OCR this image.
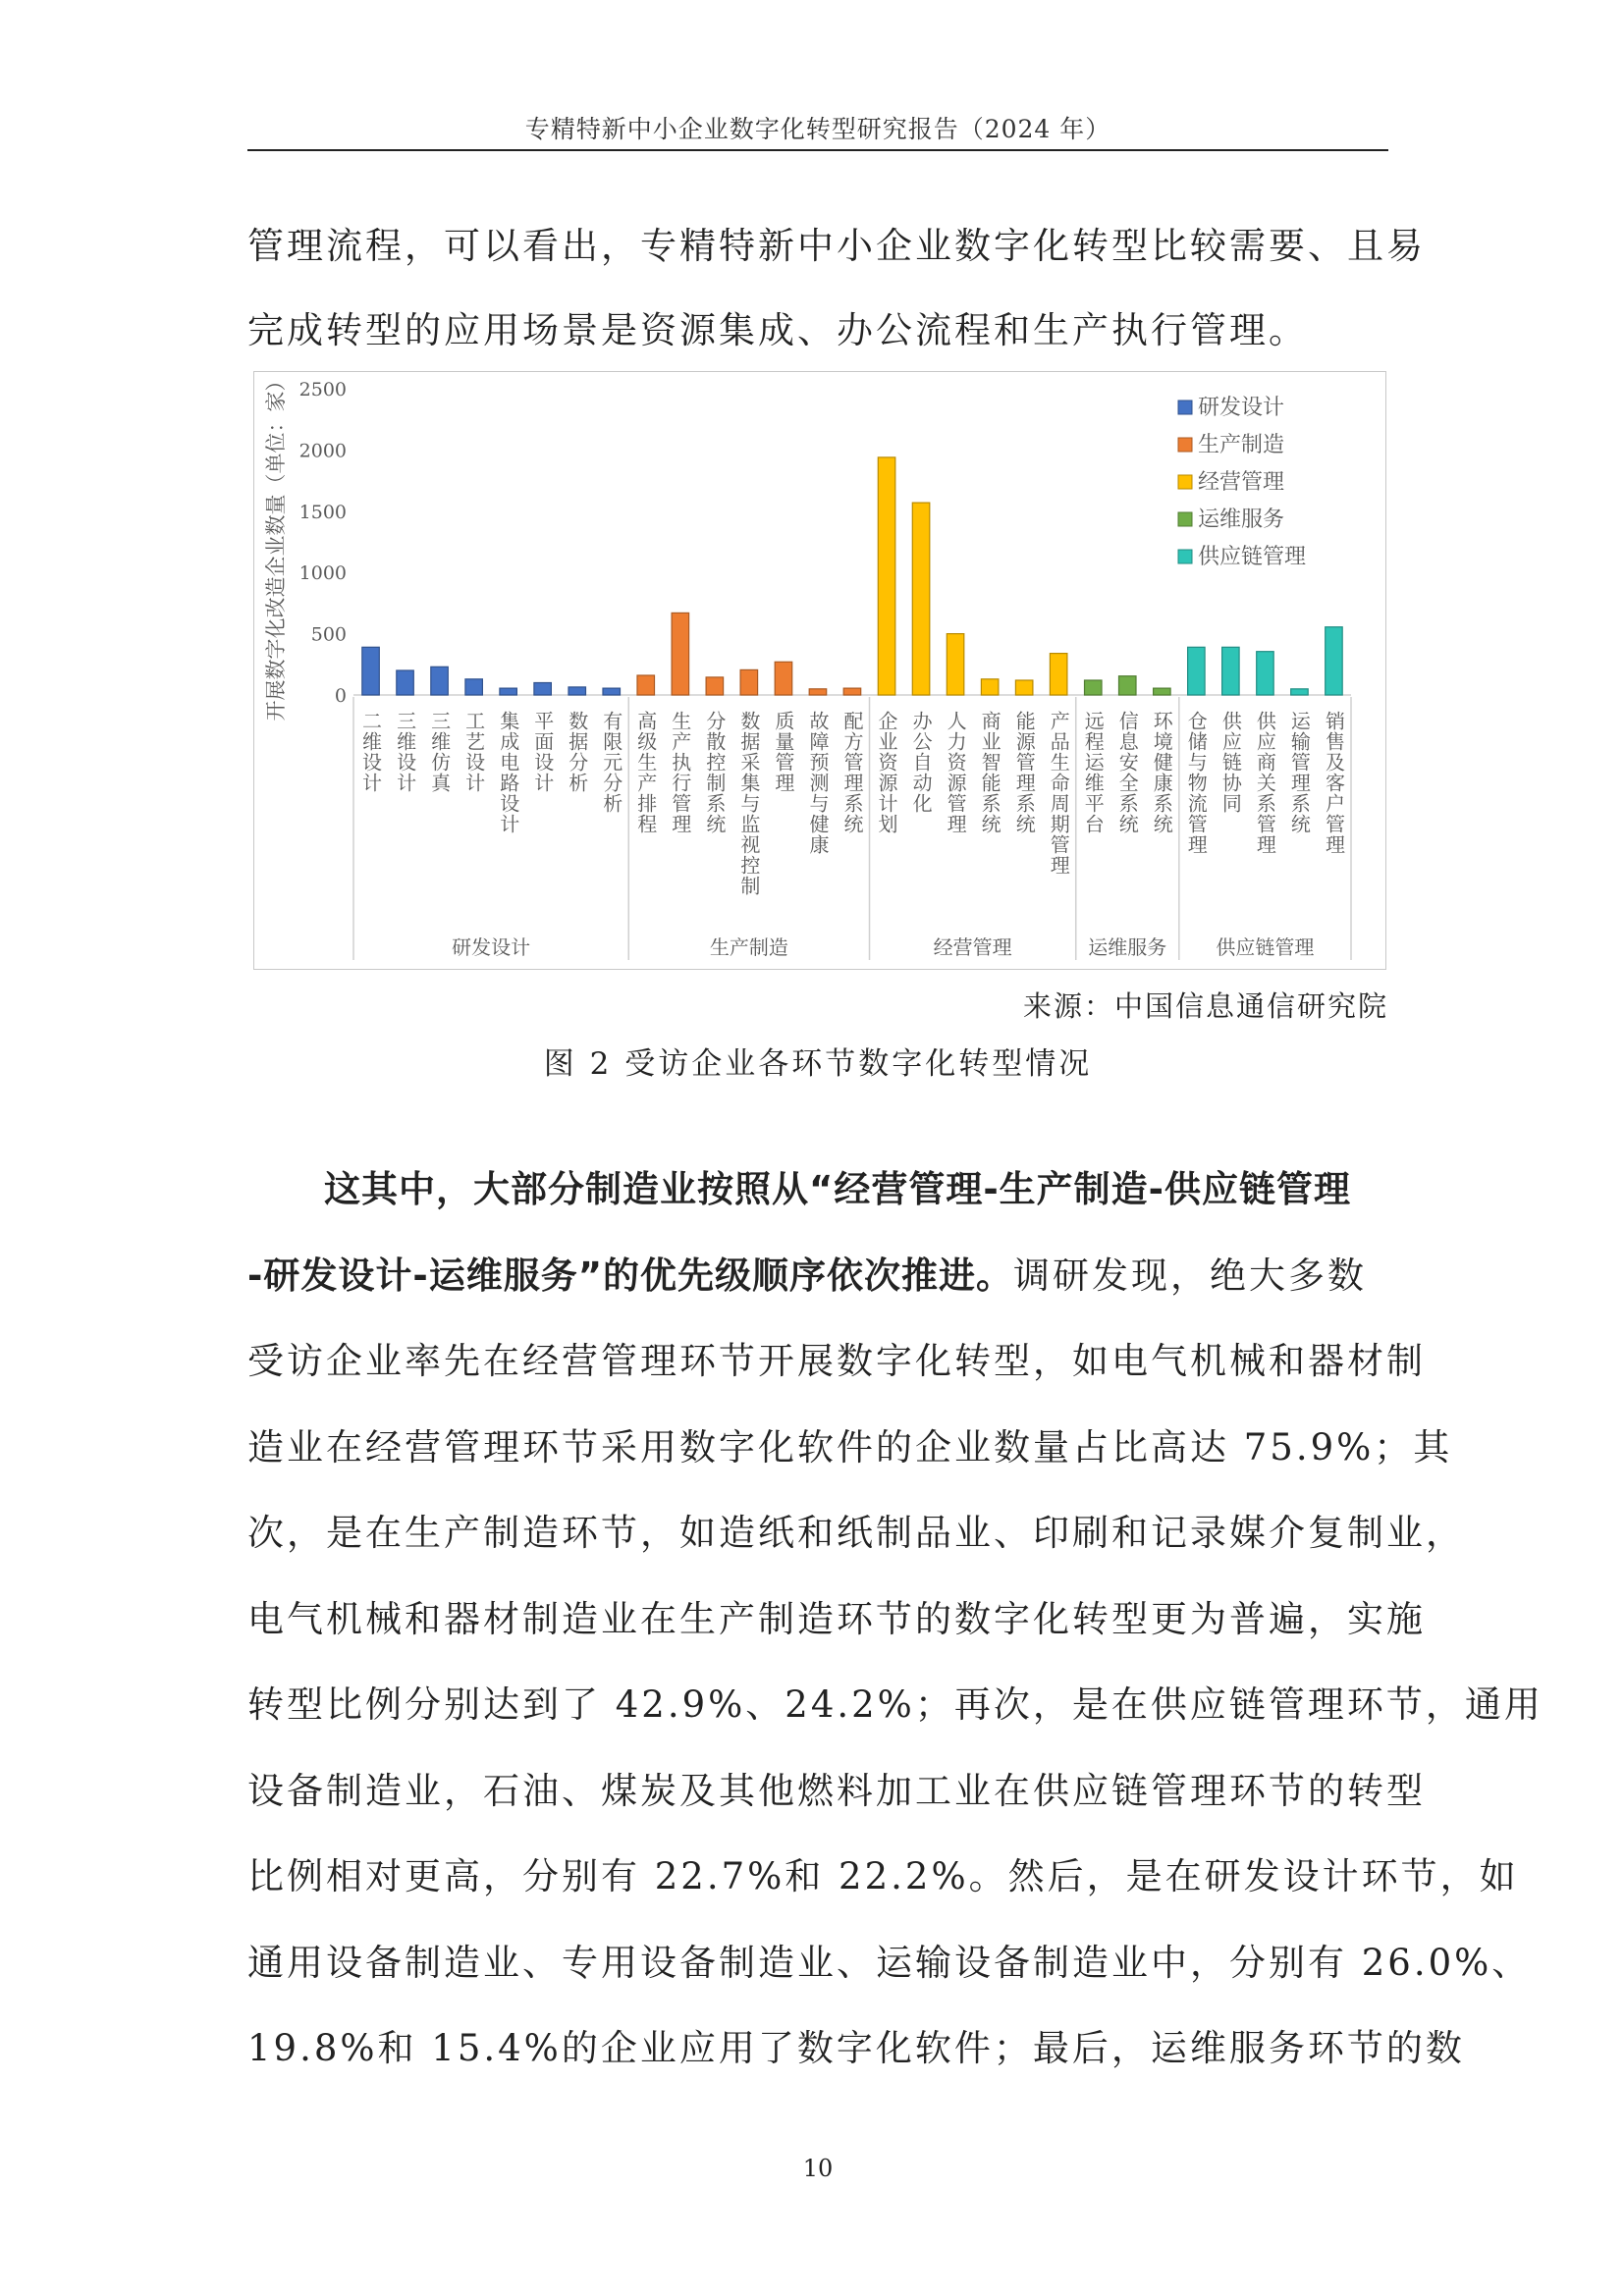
专精特新中小企业数字化转型研究报告（2024 年）

管理流程，可以看出，专精特新中小企业数字化转型比较需要、且易

完成转型的应用场景是资源集成、办公流程和生产执行管理。

开展数字化改造企业数量（单位：家）	0
500
1000
1500
2000
2500
二维设计 三维设计 三维仿真 工艺设计 集成电路设计 平面设计 数据分析 有限元分析 高级生产排程 生产执行管理 分散控制系统 数据采集与监视控制 质量管理 故障预测与健康 配方管理系统 企业资源计划 办公自动化 人力资源管理 商业智能系统 能源管理系统 产品生命周期管理 远程运维平台 信息安全系统 环境健康系统 仓储与物流管理 供应链协同 供应商关系管理 运输管理系统 销售及客户管理
研发设计	生产制造	经营管理	运维服务	供应链管理
研发设计
生产制造
经营管理
运维服务
供应链管理
来源：中国信息通信研究院
图 2 受访企业各环节数字化转型情况

这其中，大部分制造业按照从“经营管理-生产制造-供应链管理

-研发设计-运维服务”的优先级顺序依次推进。调研发现，绝大多数

受访企业率先在经营管理环节开展数字化转型，如电气机械和器材制

造业在经营管理环节采用数字化软件的企业数量占比高达 75.9%；其

次，是在生产制造环节，如造纸和纸制品业、印刷和记录媒介复制业，

电气机械和器材制造业在生产制造环节的数字化转型更为普遍，实施

转型比例分别达到了 42.9%、24.2%；再次，是在供应链管理环节，通用

设备制造业，石油、煤炭及其他燃料加工业在供应链管理环节的转型

比例相对更高，分别有 22.7%和 22.2%。然后，是在研发设计环节，如

通用设备制造业、专用设备制造业、运输设备制造业中，分别有 26.0%、

19.8%和 15.4%的企业应用了数字化软件；最后，运维服务环节的数

10
